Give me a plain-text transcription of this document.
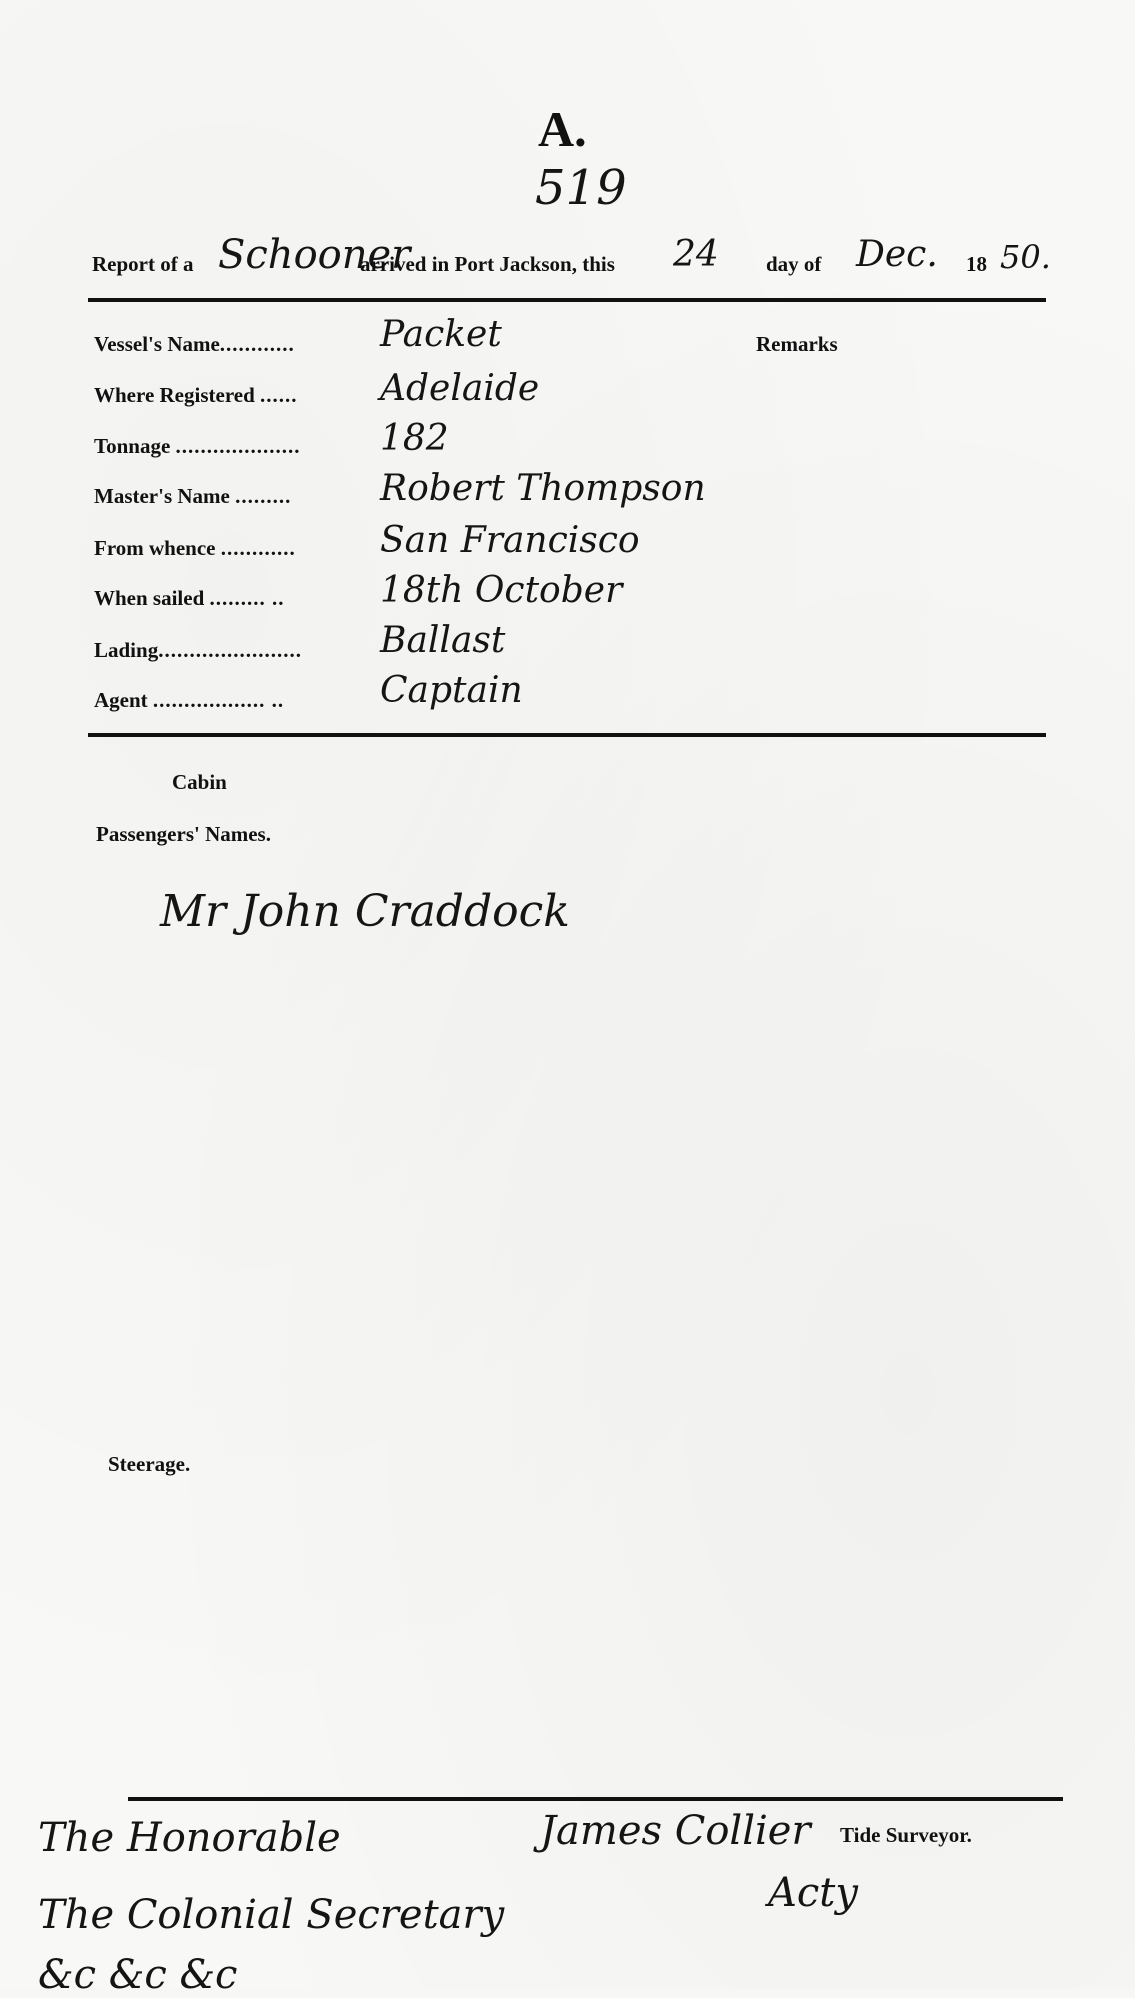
A.
519
Report of a Schooner
arrived in Port Jackson, this 24 day of Dec. 18 50.
Remarks
Vessel's Name............ Packet
Where Registered ...... Adelaide
Tonnage .................... 182
Master's Name ......... Robert Thompson
From whence ............ San Francisco
When sailed ......... ..	18th October
Lading....................... Ballast
Agent .................. ..	Captain
Cabin
Passengers' Names.
Mr John Craddock
Steerage.
The Honorable
The Colonial Secretary
&c &c &c
James Collier Tide Surveyor.
Acty
